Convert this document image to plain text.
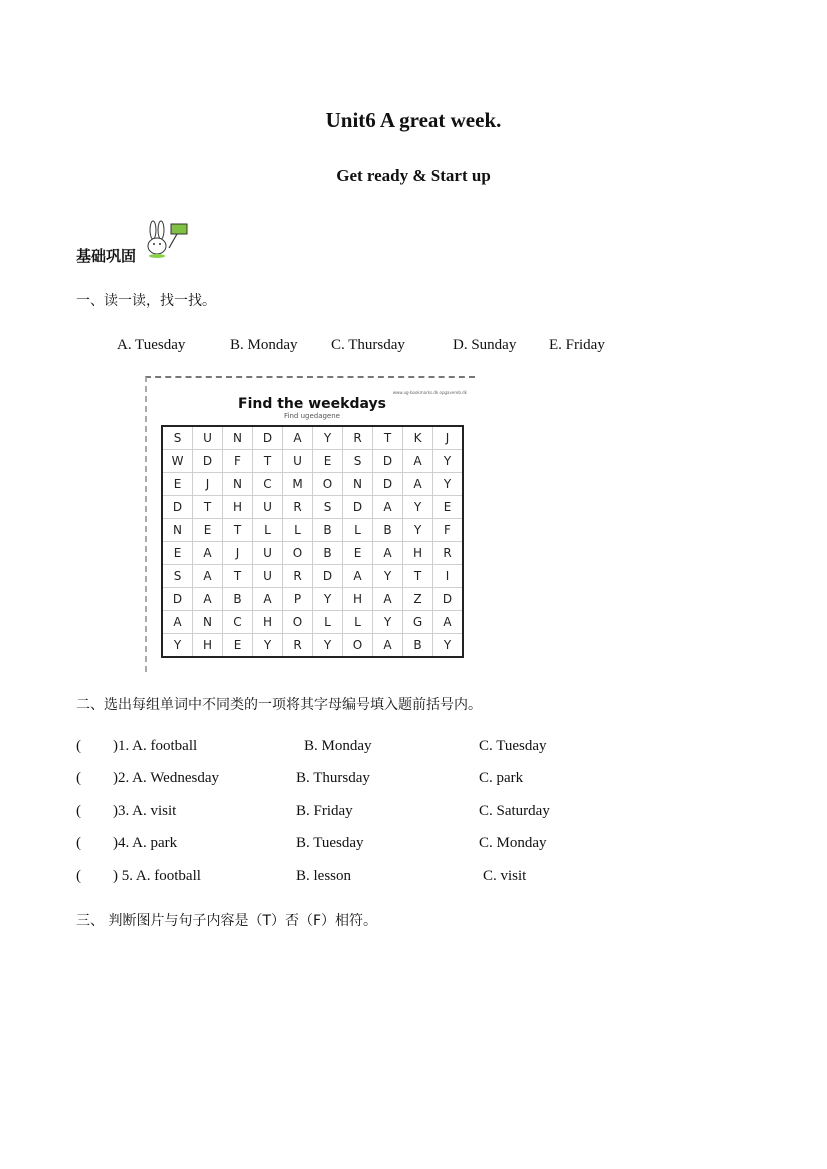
Unit6 A great week.
Get ready & Start up
基础巩固
一、读一读，找一找。
A. Tuesday	B. Monday C. Thursday	D. Sunday E. Friday
www.ug-bookmarks.dk opgavereb.dk
Find the weekdays
Find ugedagene
S	U	N	D	A	Y	R	T	K	J
W	D	F	T	U	E	S	D	A	Y
E	J	N	C	M	O	N	D	A	Y
D	T	H	U	R	S	D	A	Y	E
N	E	T	L	L	B	L	B	Y	F
E	A	J	U	O	B	E	A	H	R
S	A	T	U	R	D	A	Y	T	I
D	A	B	A	P	Y	H	A	Z	D
A	N	C	H	O	L	L	Y	G	A
Y	H	E	Y	R	Y	O	A	B	Y
二、选出每组单词中不同类的一项将其字母编号填入题前括号内。
( )1. A. football	B. Monday	C. Tuesday
( )2. A. Wednesday	B. Thursday	C. park
( )3. A. visit	B. Friday	C. Saturday
( )4. A. park	B. Tuesday	C. Monday
( ) 5. A. football	B. lesson	C. visit
三、 判断图片与句子内容是（T）否（F）相符。
